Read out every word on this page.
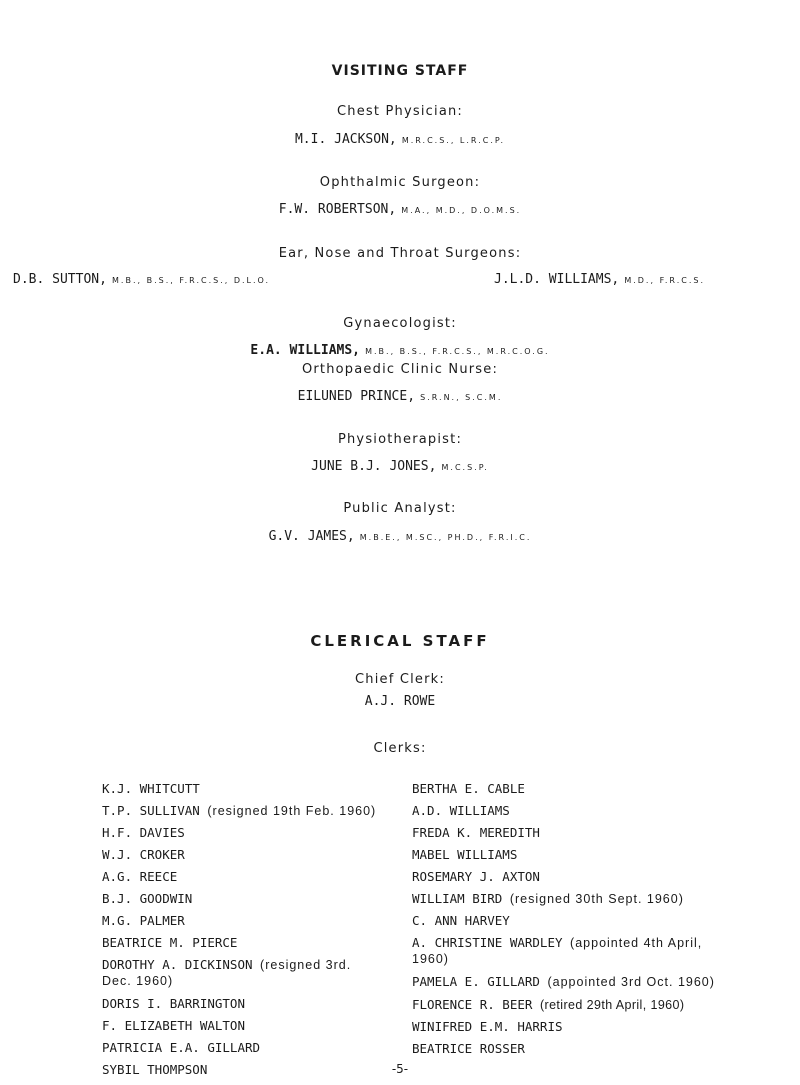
VISITING STAFF
Chest Physician:
M.I. JACKSON, M.R.C.S., L.R.C.P.
Ophthalmic Surgeon:
F.W. ROBERTSON, M.A., M.D., D.O.M.S.
Ear, Nose and Throat Surgeons:
D.B. SUTTON, M.B., B.S., F.R.C.S., D.L.O.	J.L.D. WILLIAMS, M.D., F.R.C.S.
Gynaecologist:
E.A. WILLIAMS, M.B., B.S., F.R.C.S., M.R.C.O.G.
Orthopaedic Clinic Nurse:
EILUNED PRINCE, S.R.N., S.C.M.
Physiotherapist:
JUNE B.J. JONES, M.C.S.P.
Public Analyst:
G.V. JAMES, M.B.E., M.SC., PH.D., F.R.I.C.
CLERICAL STAFF
Chief Clerk:
A.J. ROWE
Clerks:
K.J. WHITCUTT
T.P. SULLIVAN (resigned 19th Feb. 1960)
H.F. DAVIES
W.J. CROKER
A.G. REECE
B.J. GOODWIN
M.G. PALMER
BEATRICE M. PIERCE
DOROTHY A. DICKINSON (resigned 3rd. Dec. 1960)
DORIS I. BARRINGTON
F. ELIZABETH WALTON
PATRICIA E.A. GILLARD
SYBIL THOMPSON
BERTHA E. CABLE
A.D. WILLIAMS
FREDA K. MEREDITH
MABEL WILLIAMS
ROSEMARY J. AXTON
WILLIAM BIRD (resigned 30th Sept. 1960)
C. ANN HARVEY
A. CHRISTINE WARDLEY (appointed 4th April, 1960)
PAMELA E. GILLARD (appointed 3rd Oct. 1960)
FLORENCE R. BEER (retired 29th April, 1960)
WINIFRED E.M. HARRIS
BEATRICE ROSSER
-5-
